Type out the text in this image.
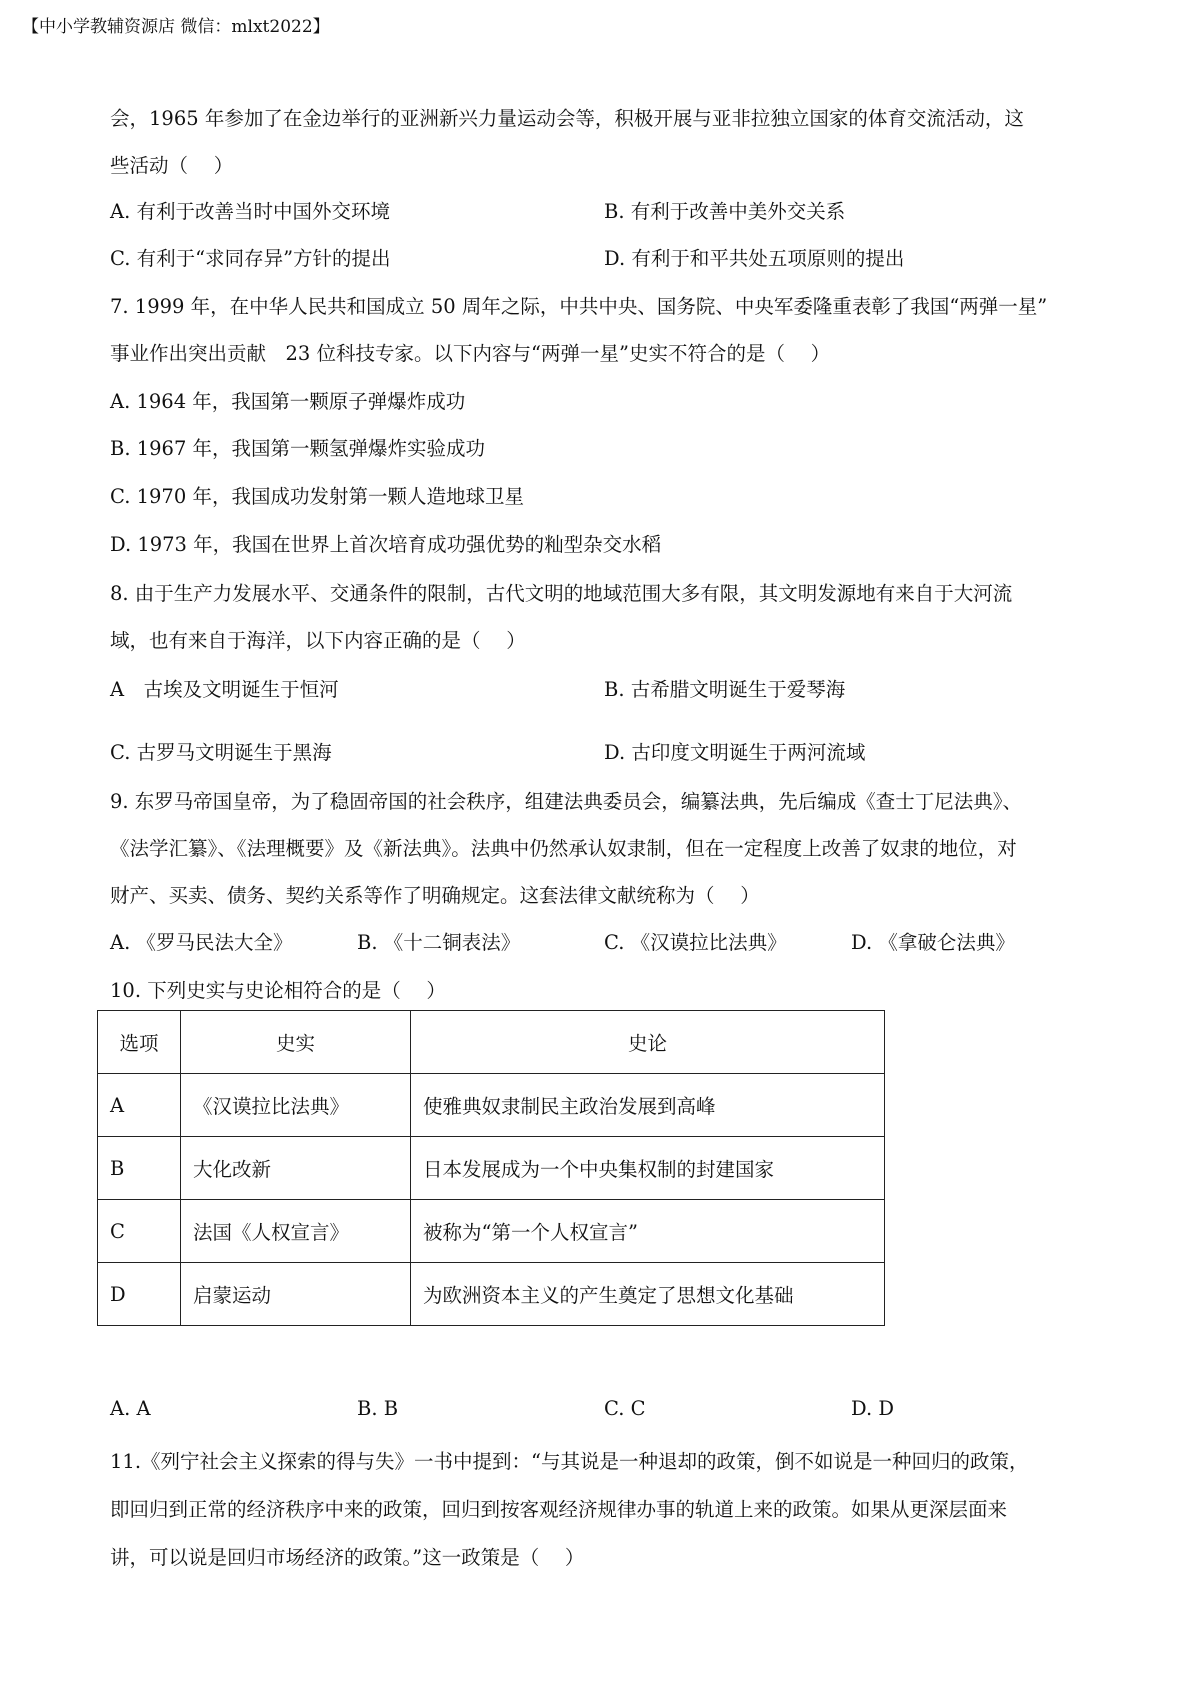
【中小学教辅资源店 微信：mlxt2022】
会，1965 年参加了在金边举行的亚洲新兴力量运动会等，积极开展与亚非拉独立国家的体育交流活动，这
些活动（　 ）
A. 有利于改善当时中国外交环境	B. 有利于改善中美外交关系
C. 有利于“求同存异”方针的提出	D. 有利于和平共处五项原则的提出
7. 1999 年，在中华人民共和国成立 50 周年之际，中共中央、国务院、中央军委隆重表彰了我国“两弹一星”
事业作出突出贡献　23 位科技专家。以下内容与“两弹一星”史实不符合的是（　 ）
A. 1964 年，我国第一颗原子弹爆炸成功
B. 1967 年，我国第一颗氢弹爆炸实验成功
C. 1970 年，我国成功发射第一颗人造地球卫星
D. 1973 年，我国在世界上首次培育成功强优势的籼型杂交水稻
8. 由于生产力发展水平、交通条件的限制，古代文明的地域范围大多有限，其文明发源地有来自于大河流
域，也有来自于海洋，以下内容正确的是（　 ）
A　古埃及文明诞生于恒河	B. 古希腊文明诞生于爱琴海
C. 古罗马文明诞生于黑海	D. 古印度文明诞生于两河流域
9. 东罗马帝国皇帝，为了稳固帝国的社会秩序，组建法典委员会，编纂法典，先后编成《查士丁尼法典》、
《法学汇纂》、《法理概要》及《新法典》。法典中仍然承认奴隶制，但在一定程度上改善了奴隶的地位，对
财产、买卖、债务、契约关系等作了明确规定。这套法律文献统称为（　 ）
A. 《罗马民法大全》	B. 《十二铜表法》	C. 《汉谟拉比法典》	D. 《拿破仑法典》
10. 下列史实与史论相符合的是（　 ）
选项	史实	史论
A	《汉谟拉比法典》	使雅典奴隶制民主政治发展到高峰
B	大化改新	日本发展成为一个中央集权制的封建国家
C	法国《人权宣言》	被称为“第一个人权宣言”
D	启蒙运动	为欧洲资本主义的产生奠定了思想文化基础
A. A	B. B	C. C	D. D
11.《列宁社会主义探索的得与失》一书中提到：“与其说是一种退却的政策，倒不如说是一种回归的政策，
即回归到正常的经济秩序中来的政策，回归到按客观经济规律办事的轨道上来的政策。如果从更深层面来
讲，可以说是回归市场经济的政策。”这一政策是（　 ）
